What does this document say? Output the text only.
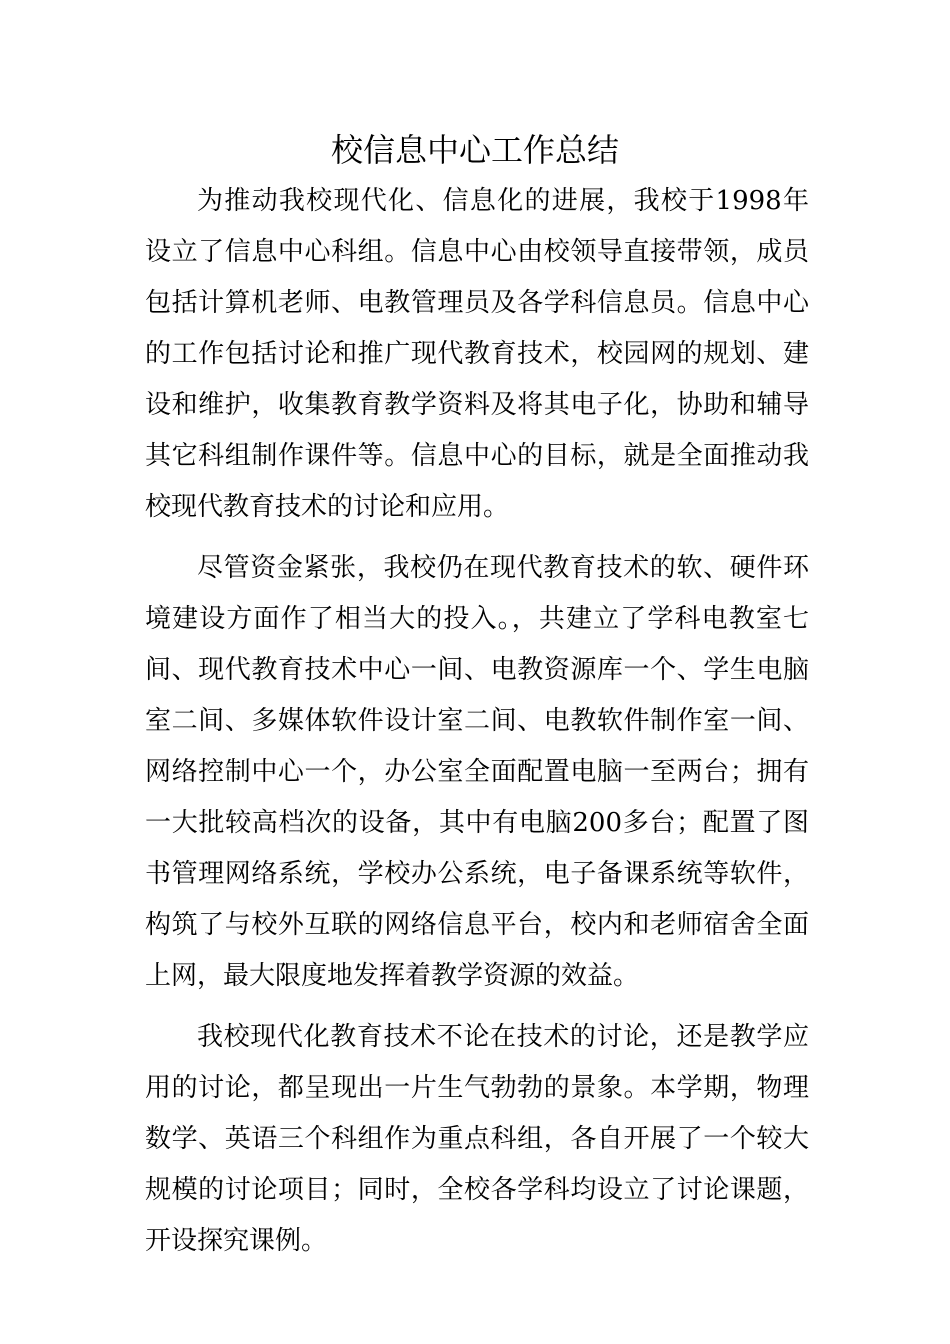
校信息中心工作总结

为推动我校现代化、信息化的进展，我校于1998年设立了信息中心科组。信息中心由校领导直接带领，成员包括计算机老师、电教管理员及各学科信息员。信息中心的工作包括讨论和推广现代教育技术，校园网的规划、建设和维护，收集教育教学资料及将其电子化，协助和辅导其它科组制作课件等。信息中心的目标，就是全面推动我校现代教育技术的讨论和应用。

尽管资金紧张，我校仍在现代教育技术的软、硬件环境建设方面作了相当大的投入。，共建立了学科电教室七间、现代教育技术中心一间、电教资源库一个、学生电脑室二间、多媒体软件设计室二间、电教软件制作室一间、网络控制中心一个，办公室全面配置电脑一至两台；拥有一大批较高档次的设备，其中有电脑200多台；配置了图书管理网络系统，学校办公系统，电子备课系统等软件，构筑了与校外互联的网络信息平台，校内和老师宿舍全面上网，最大限度地发挥着教学资源的效益。

我校现代化教育技术不论在技术的讨论，还是教学应用的讨论，都呈现出一片生气勃勃的景象。本学期，物理数学、英语三个科组作为重点科组，各自开展了一个较大规模的讨论项目；同时，全校各学科均设立了讨论课题，开设探究课例。
